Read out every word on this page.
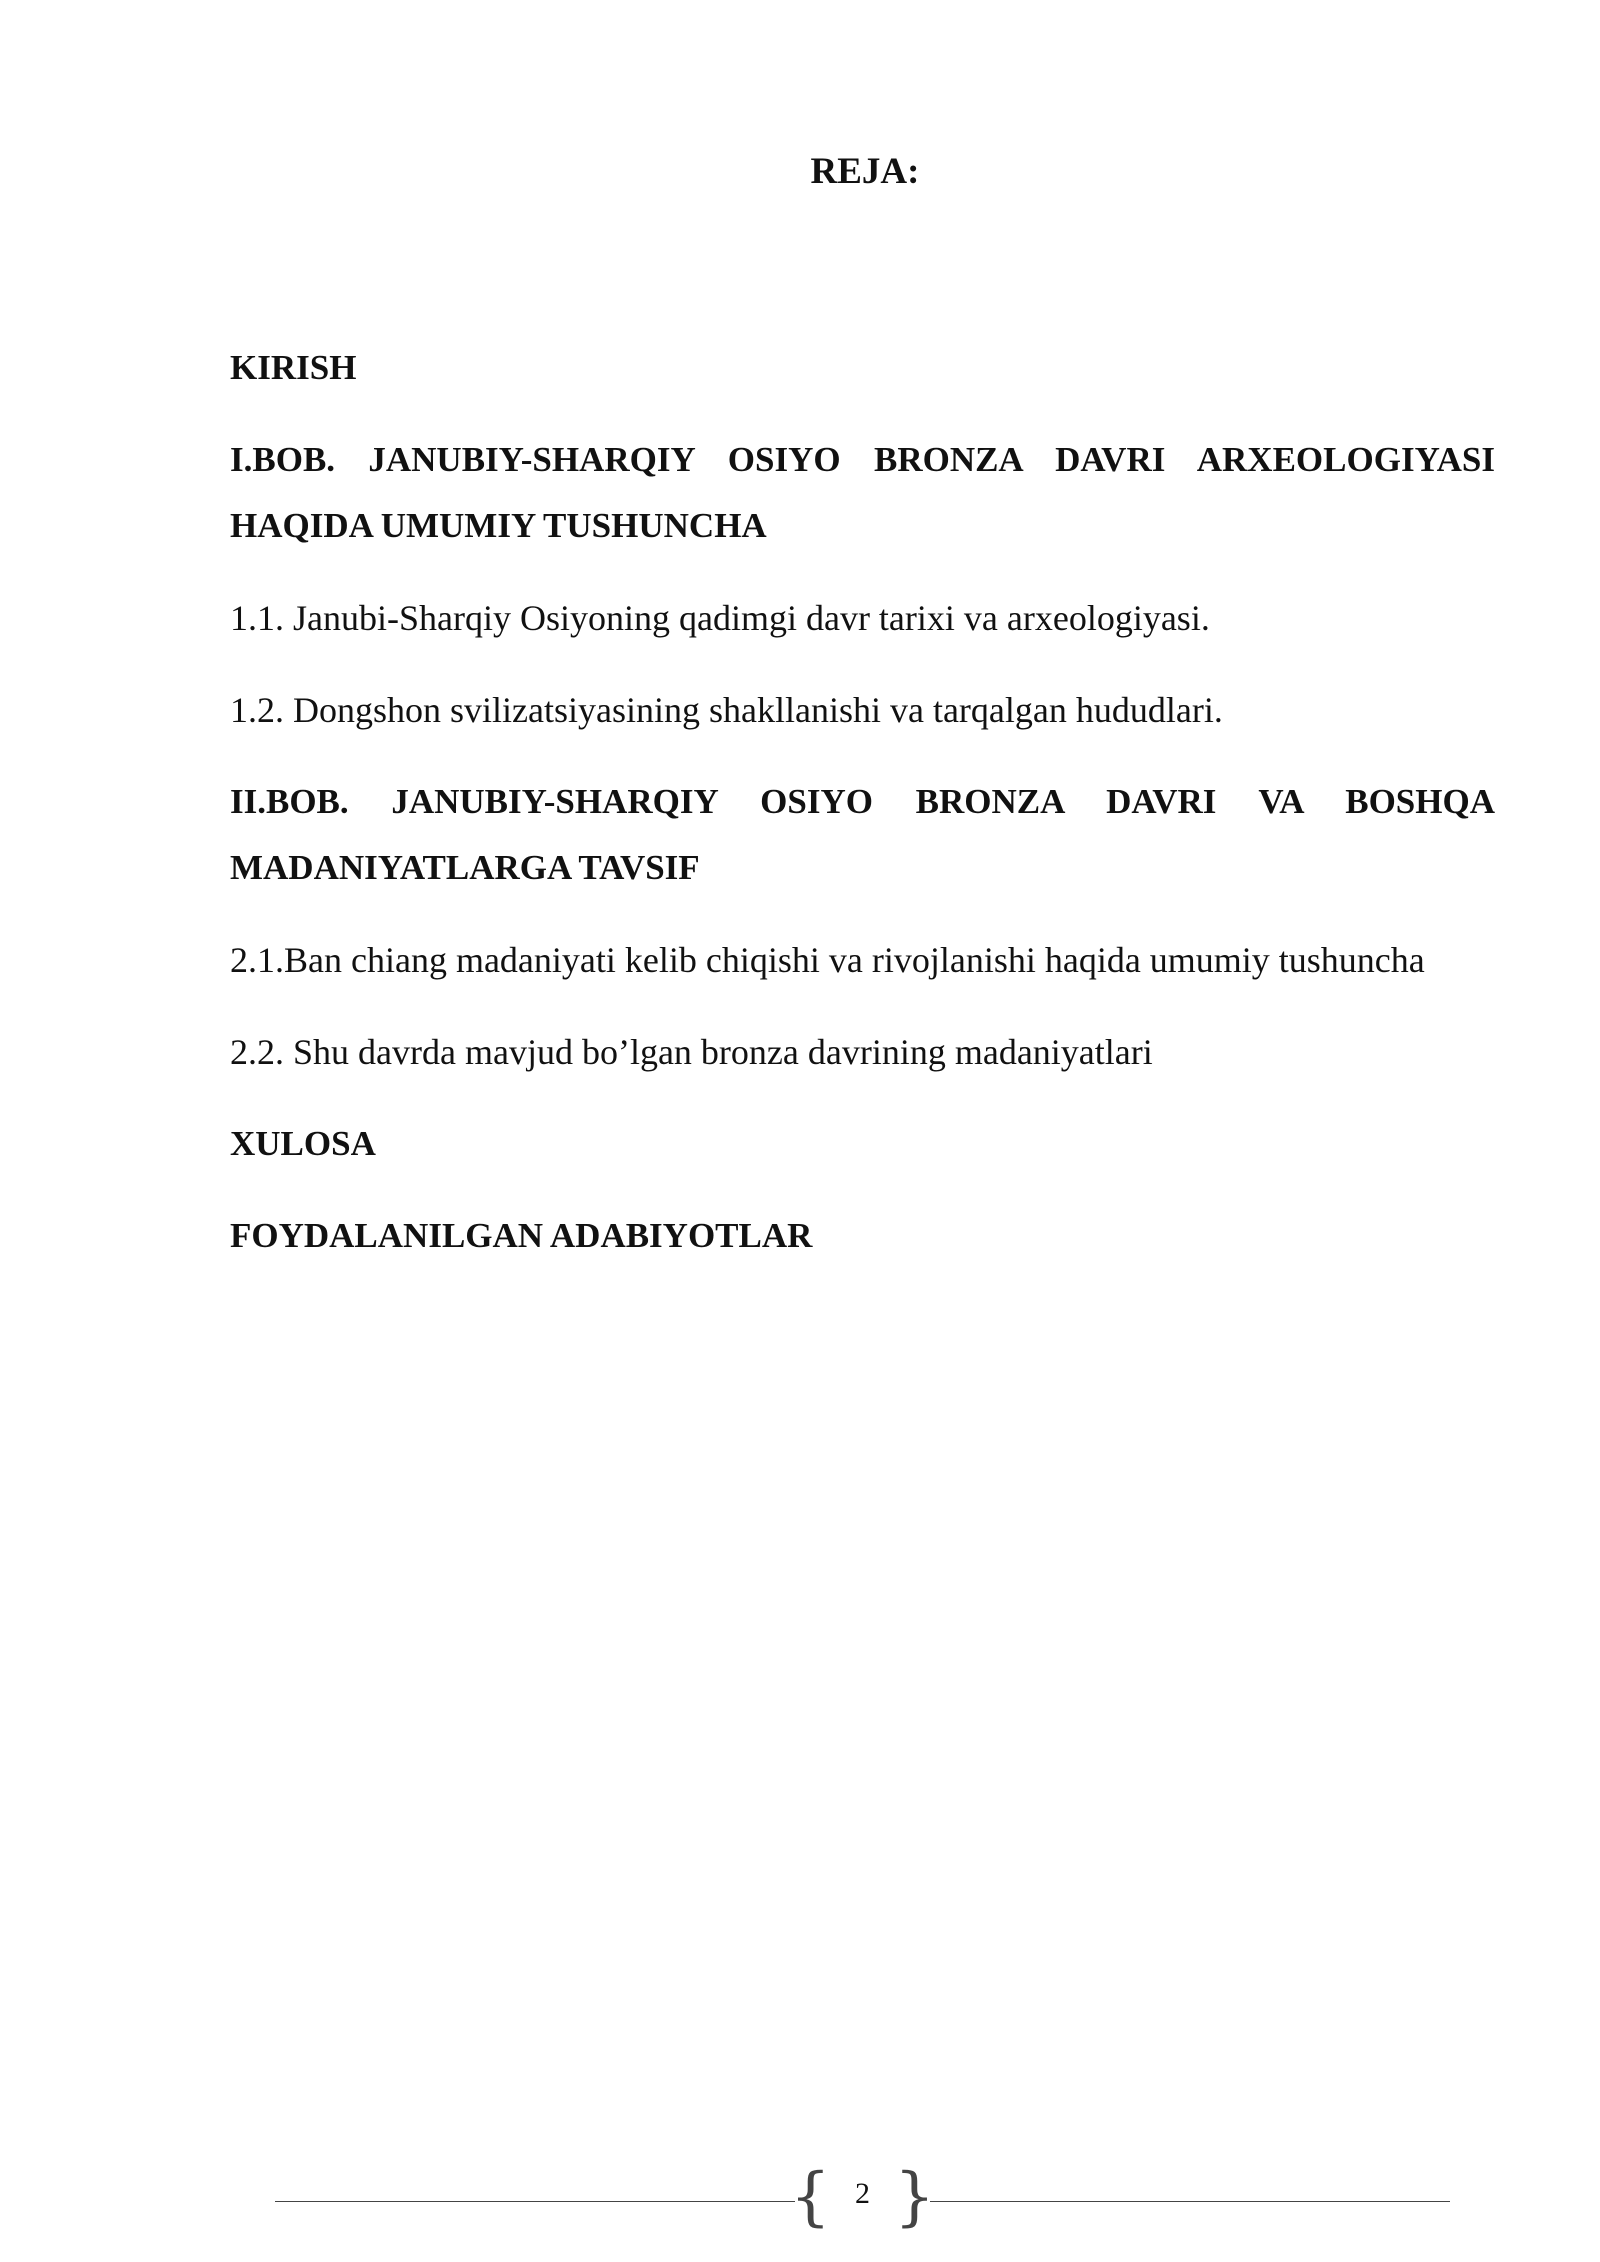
REJA:

KIRISH

I.BOB. JANUBIY-SHARQIY OSIYO BRONZA DAVRI ARXEOLOGIYASI HAQIDA UMUMIY TUSHUNCHA

1.1. Janubi-Sharqiy Osiyoning qadimgi davr tarixi va arxeologiyasi.

1.2. Dongshon svilizatsiyasining shakllanishi va tarqalgan hududlari.

II.BOB. JANUBIY-SHARQIY OSIYO BRONZA DAVRI VA BOSHQA MADANIYATLARGA TAVSIF

2.1.Ban chiang madaniyati kelib chiqishi va rivojlanishi haqida umumiy tushuncha

2.2. Shu davrda mavjud bo’lgan bronza davrining madaniyatlari

XULOSA

FOYDALANILGAN ADABIYOTLAR

{ }
2
